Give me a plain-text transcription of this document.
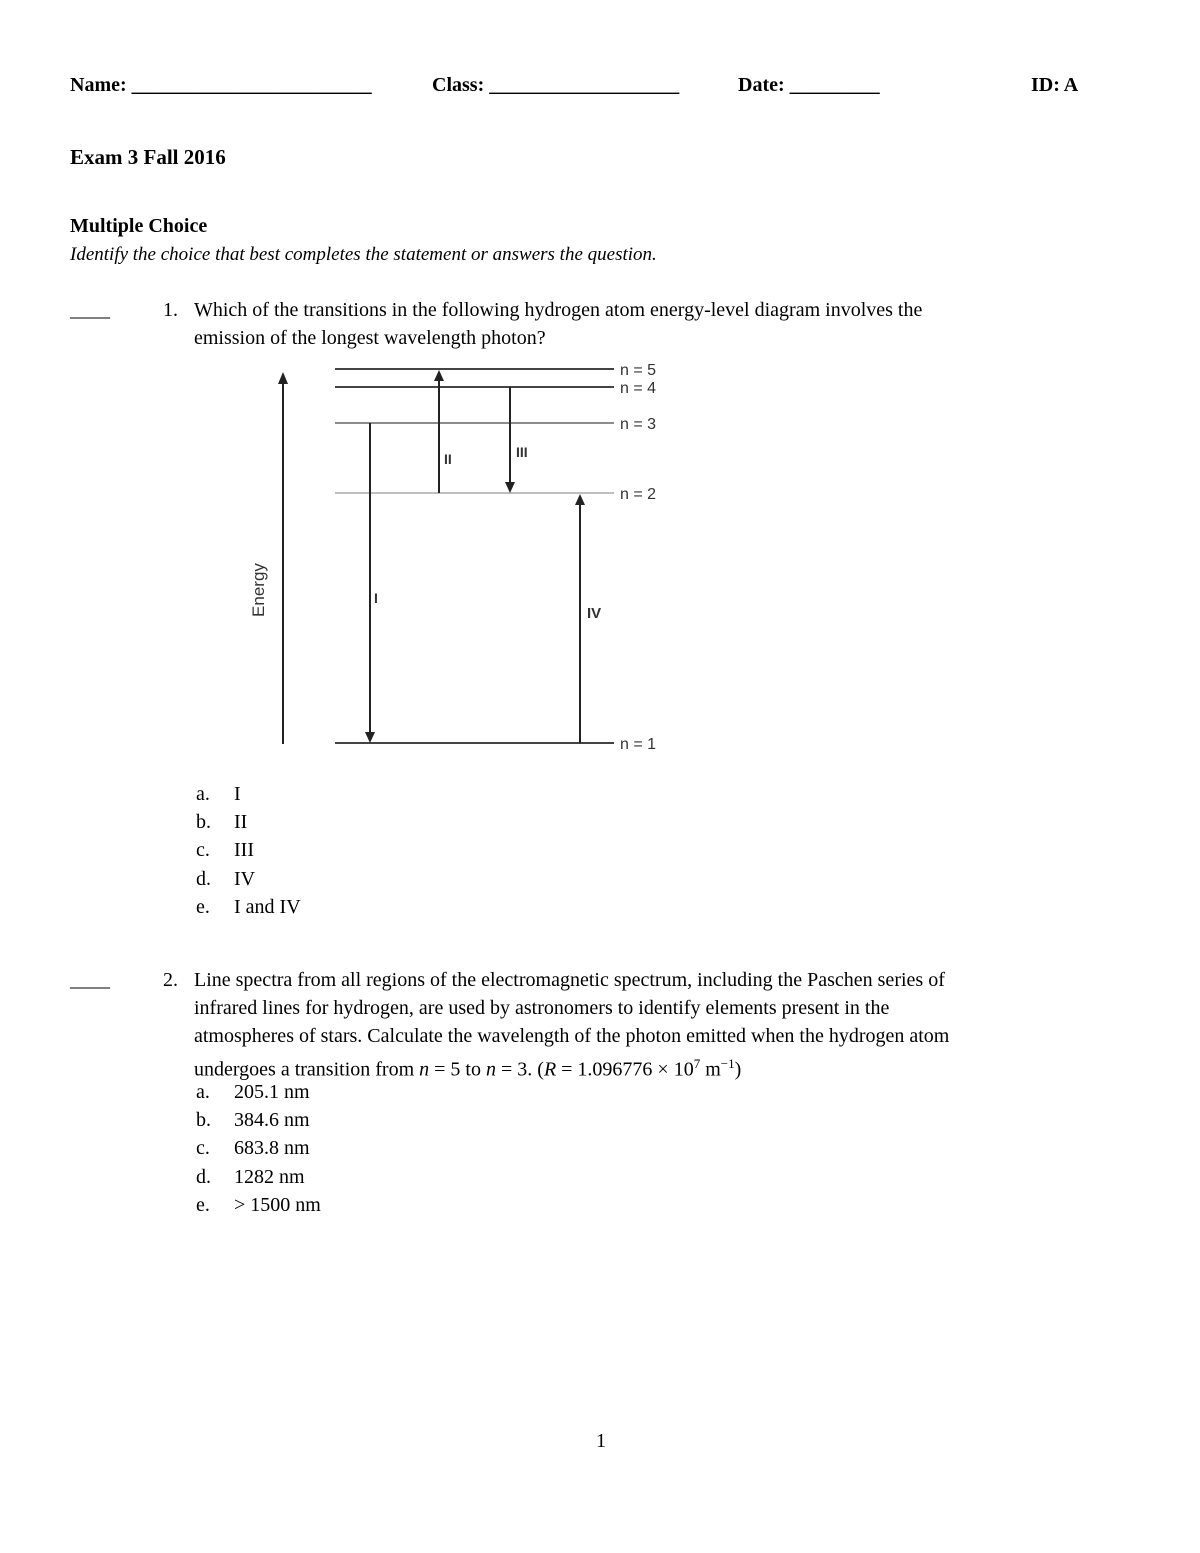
Name: ________________________	Class: ___________________	Date: _________	ID: A
Exam 3 Fall 2016
Multiple Choice
Identify the choice that best completes the statement or answers the question.
____	1. Which of the transitions in the following hydrogen atom energy-level diagram involves the
emission of the longest wavelength photon?
Energy
n = 5
n = 4
n = 3
n = 2
n = 1
I
II	III
IV
a. I
b. II
c. III
d. IV
e. I and IV
____	2. Line spectra from all regions of the electromagnetic spectrum, including the Paschen series of
infrared lines for hydrogen, are used by astronomers to identify elements present in the
atmospheres of stars. Calculate the wavelength of the photon emitted when the hydrogen atom
undergoes a transition from n = 5 to n = 3. ($R = 1.096776 \times 10^7$ $m^{-1}$)
a. 205.1 nm
b. 384.6 nm
c. 683.8 nm
d. 1282 nm
e. > 1500 nm
1
